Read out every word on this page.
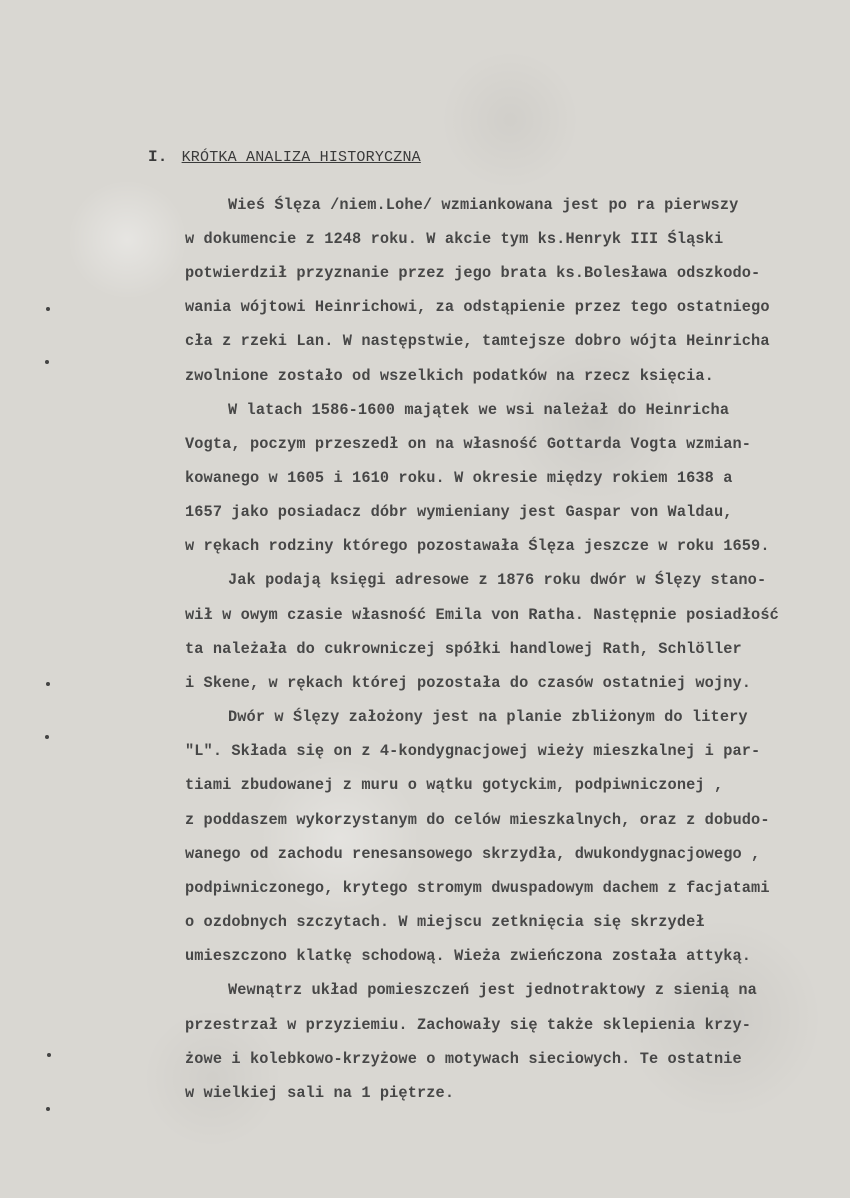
I. KRÓTKA ANALIZA HISTORYCZNA
Wieś Ślęza /niem.Lohe/ wzmiankowana jest po ra pierwszy
w dokumencie z 1248 roku. W akcie tym ks.Henryk III Śląski
potwierdził przyznanie przez jego brata ks.Bolesława odszkodo-
wania wójtowi Heinrichowi, za odstąpienie przez tego ostatniego
cła z rzeki Lan. W następstwie, tamtejsze dobro wójta Heinricha
zwolnione zostało od wszelkich podatków na rzecz księcia.
W latach 1586-1600 majątek we wsi należał do Heinricha
Vogta, poczym przeszedł on na własność Gottarda Vogta wzmian-
kowanego w 1605 i 1610 roku. W okresie między rokiem 1638 a
1657 jako posiadacz dóbr wymieniany jest Gaspar von Waldau,
w rękach rodziny którego pozostawała Ślęza jeszcze w roku 1659.
Jak podają księgi adresowe z 1876 roku dwór w Ślęzy stano-
wił w owym czasie własność Emila von Ratha. Następnie posiadłość
ta należała do cukrowniczej spółki handlowej Rath, Schlöller
i Skene, w rękach której pozostała do czasów ostatniej wojny.
Dwór w Ślęzy założony jest na planie zbliżonym do litery
"L". Składa się on z 4-kondygnacjowej wieży mieszkalnej i par-
tiami zbudowanej z muru o wątku gotyckim, podpiwniczonej ,
z poddaszem wykorzystanym do celów mieszkalnych, oraz z dobudo-
wanego od zachodu renesansowego skrzydła, dwukondygnacjowego ,
podpiwniczonego, krytego stromym dwuspadowym dachem z facjatami
o ozdobnych szczytach. W miejscu zetknięcia się skrzydeł
umieszczono klatkę schodową. Wieża zwieńczona została attyką.
Wewnątrz układ pomieszczeń jest jednotraktowy z sienią na
przestrzał w przyziemiu. Zachowały się także sklepienia krzy-
żowe i kolebkowo-krzyżowe o motywach sieciowych. Te ostatnie
w wielkiej sali na 1 piętrze.
